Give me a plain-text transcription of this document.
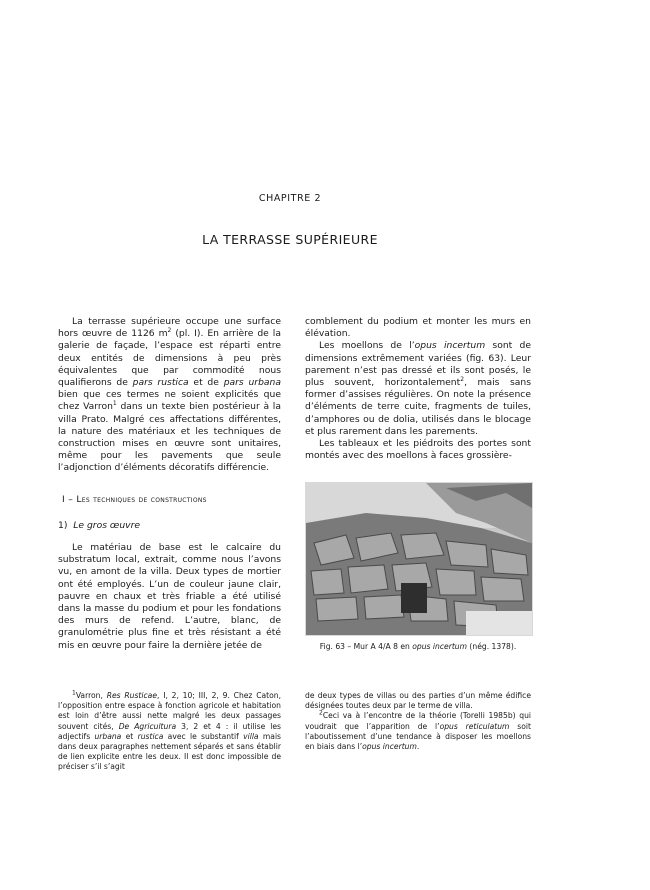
CHAPITRE 2
LA TERRASSE SUPÉRIEURE

La terrasse supérieure occupe une surface hors œuvre de 1126 $m^2$ (pl. I). En arrière de la galerie de façade, l’espace est réparti entre deux entités de dimensions à peu près équivalentes que par commodité nous qualifierons de pars rustica et de pars urbana bien que ces termes ne soient explicités que chez Varron$^1$ dans un texte bien postérieur à la villa Prato. Malgré ces affectations différentes, la nature des matériaux et les techniques de construction mises en œuvre sont unitaires, même pour les pavements que seule l’adjonction d’éléments décoratifs différencie.

I – Les techniques de constructions
1) Le gros œuvre

Le matériau de base est le calcaire du substratum local, extrait, comme nous l’avons vu, en amont de la villa. Deux types de mortier ont été employés. L’un de couleur jaune clair, pauvre en chaux et très friable a été utilisé dans la masse du podium et pour les fondations des murs de refend. L’autre, blanc, de granulométrie plus fine et très résistant a été mis en œuvre pour faire la dernière jetée de

comblement du podium et monter les murs en élévation.

Les moellons de l’opus incertum sont de dimensions extrêmement variées (fig. 63). Leur parement n’est pas dressé et ils sont posés, le plus souvent, horizontalement$^2$, mais sans former d’assises régulières. On note la présence d’éléments de terre cuite, fragments de tuiles, d’amphores ou de dolia, utilisés dans le blocage et plus rarement dans les parements.

Les tableaux et les piédroits des portes sont montés avec des moellons à faces grossière-

Fig. 63 – Mur A 4/A 8 en opus incertum (nég. 1378).

$^1$Varron, Res Rusticae, I, 2, 10; III, 2, 9. Chez Caton, l’opposition entre espace à fonction agricole et habitation est loin d’être aussi nette malgré les deux passages souvent cités, De Agricultura 3, 2 et 4 : il utilise les adjectifs urbana et rustica avec le substantif villa mais dans deux paragraphes nettement séparés et sans établir de lien explicite entre les deux. Il est donc impossible de préciser s’il s’agit

de deux types de villas ou des parties d’un même édifice désignées toutes deux par le terme de villa.

$^2$Ceci va à l’encontre de la théorie (Torelli 1985b) qui voudrait que l’apparition de l’opus reticulatum soit l’aboutissement d’une tendance à disposer les moellons en biais dans l’opus incertum.
